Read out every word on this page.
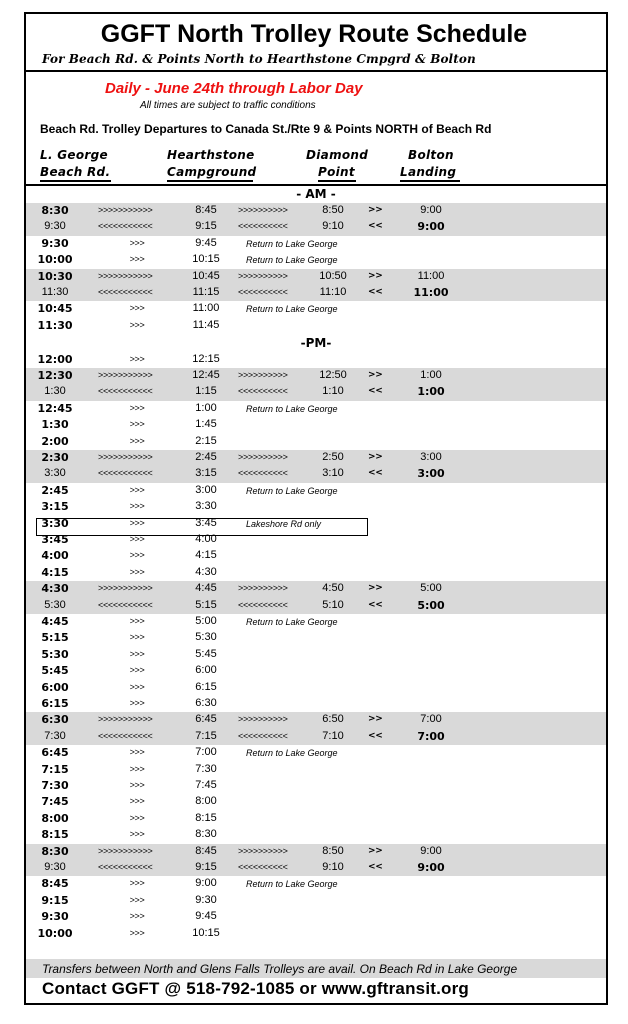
GGFT North Trolley Route Schedule
For Beach Rd. & Points North to Hearthstone Cmpgrd & Bolton
Daily - June 24th through Labor Day
All times are subject to traffic conditions
Beach Rd. Trolley Departures to Canada St./Rte 9 & Points NORTH of Beach Rd
L. George
Beach Rd.
Hearthstone
Campground
Diamond
Point
Bolton
Landing
- AM -
8:30	>>>>>>>>>>>	8:45	>>>>>>>>>>	8:50	>>	9:00
9:30	<<<<<<<<<<<	9:15	<<<<<<<<<<	9:10	<<	9:00
9:30	>>>	9:45	Return to Lake George
10:00	>>>	10:15	Return to Lake George
10:30	>>>>>>>>>>>	10:45	>>>>>>>>>>	10:50	>>	11:00
11:30	<<<<<<<<<<<	11:15	<<<<<<<<<<	11:10	<<	11:00
10:45	>>>	11:00	Return to Lake George
11:30	>>>	11:45
-PM-
12:00	>>>	12:15
12:30	>>>>>>>>>>>	12:45	>>>>>>>>>>	12:50	>>	1:00
1:30	<<<<<<<<<<<	1:15	<<<<<<<<<<	1:10	<<	1:00
12:45	>>>	1:00	Return to Lake George
1:30	>>>	1:45
2:00	>>>	2:15
2:30	>>>>>>>>>>>	2:45	>>>>>>>>>>	2:50	>>	3:00
3:30	<<<<<<<<<<<	3:15	<<<<<<<<<<	3:10	<<	3:00
2:45	>>>	3:00	Return to Lake George
3:15	>>>	3:30
3:30	>>>	3:45	Lakeshore Rd only
3:45	>>>	4:00
4:00	>>>	4:15
4:15	>>>	4:30
4:30	>>>>>>>>>>>	4:45	>>>>>>>>>>	4:50	>>	5:00
5:30	<<<<<<<<<<<	5:15	<<<<<<<<<<	5:10	<<	5:00
4:45	>>>	5:00	Return to Lake George
5:15	>>>	5:30
5:30	>>>	5:45
5:45	>>>	6:00
6:00	>>>	6:15
6:15	>>>	6:30
6:30	>>>>>>>>>>>	6:45	>>>>>>>>>>	6:50	>>	7:00
7:30	<<<<<<<<<<<	7:15	<<<<<<<<<<	7:10	<<	7:00
6:45	>>>	7:00	Return to Lake George
7:15	>>>	7:30
7:30	>>>	7:45
7:45	>>>	8:00
8:00	>>>	8:15
8:15	>>>	8:30
8:30	>>>>>>>>>>>	8:45	>>>>>>>>>>	8:50	>>	9:00
9:30	<<<<<<<<<<<	9:15	<<<<<<<<<<	9:10	<<	9:00
8:45	>>>	9:00	Return to Lake George
9:15	>>>	9:30
9:30	>>>	9:45
10:00	>>>	10:15
Transfers between North and Glens Falls Trolleys are avail. On Beach Rd in Lake George
Contact GGFT @ 518-792-1085 or www.gftransit.org
